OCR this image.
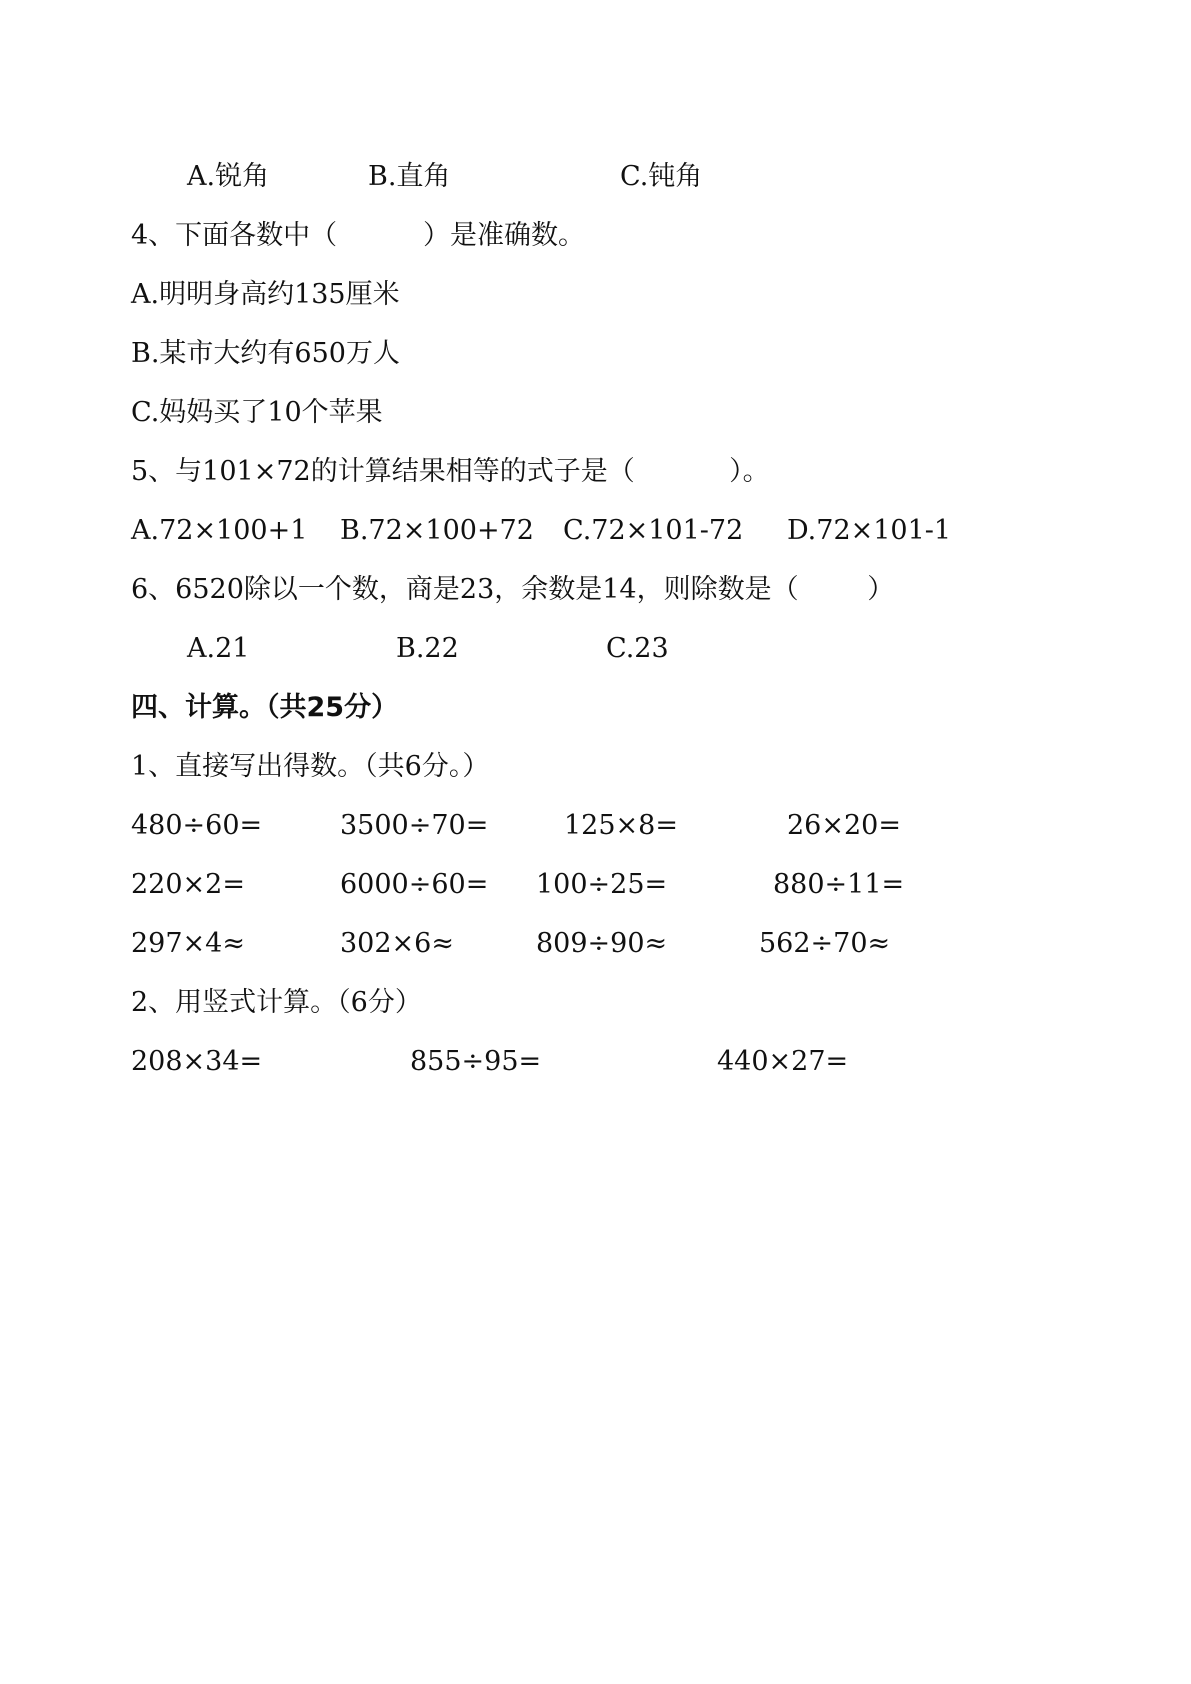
A.锐角	B.直角	C.钝角
4、下面各数中（          ）是准确数。
A.明明身高约135厘米
B.某市大约有650万人
C.妈妈买了10个苹果
5、与101×72的计算结果相等的式子是（           ）。
A.72×100+1 B.72×100+72 C.72×101-72 D.72×101-1
6、6520除以一个数，商是23，余数是14，则除数是（        ）
A.21	B.22	C.23
四、计算。（共25分）
1、直接写出得数。（共6分。）
480÷60=	3500÷70=	125×8=	26×20=
220×2=	6000÷60= 100÷25=	880÷11=
297×4≈	302×6≈	809÷90≈	562÷70≈
2、用竖式计算。（6分）
208×34=	855÷95=	440×27=
